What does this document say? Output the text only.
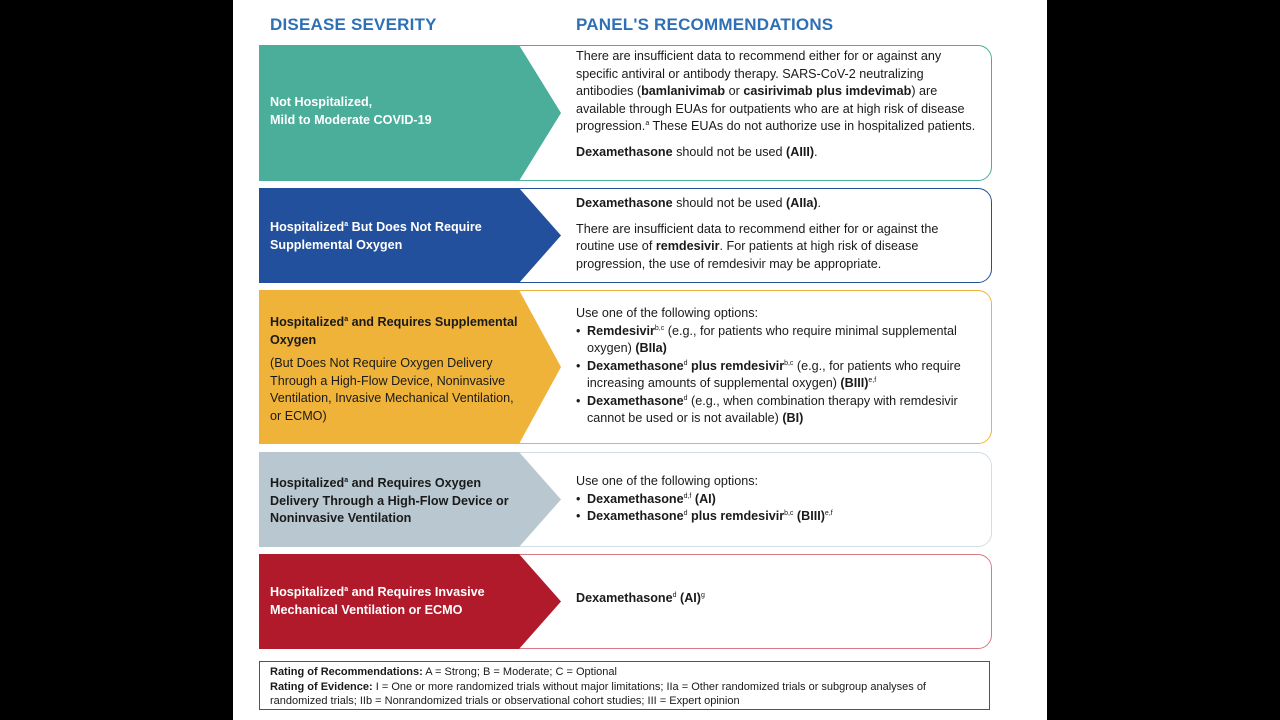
DISEASE SEVERITY	PANEL'S RECOMMENDATIONS
Not Hospitalized,
Mild to Moderate COVID-19

There are insufficient data to recommend either for or against any specific antiviral or antibody therapy. SARS-CoV-2 neutralizing antibodies (bamlanivimab or casirivimab plus imdevimab) are available through EUAs for outpatients who are at high risk of disease progression.$^a$ These EUAs do not authorize use in hospitalized patients.

Dexamethasone should not be used (AIII).

Hospitalized$^a$ But Does Not Require Supplemental Oxygen

Dexamethasone should not be used (AIIa).

There are insufficient data to recommend either for or against the routine use of remdesivir. For patients at high risk of disease progression, the use of remdesivir may be appropriate.

Hospitalized$^a$ and Requires Supplemental Oxygen
(But Does Not Require Oxygen Delivery Through a High-Flow Device, Noninvasive Ventilation, Invasive Mechanical Ventilation, or ECMO)

Use one of the following options:

• Remdesivir$^{b,c}$ (e.g., for patients who require minimal supplemental oxygen) (BIIa)
• Dexamethasone$^d$ plus remdesivir$^{b,c}$ (e.g., for patients who require increasing amounts of supplemental oxygen) (BIII)$^{e,f}$
• Dexamethasone$^d$ (e.g., when combination therapy with remdesivir cannot be used or is not available) (BI)
Hospitalized$^a$ and Requires Oxygen Delivery Through a High-Flow Device or Noninvasive Ventilation

Use one of the following options:

• Dexamethasone$^{d,f}$ (AI)
• Dexamethasone$^d$ plus remdesivir$^{b,c}$ (BIII)$^{e,f}$
Hospitalized$^a$ and Requires Invasive Mechanical Ventilation or ECMO

Dexamethasone$^d$ (AI)$^g$

Rating of Recommendations: A = Strong; B = Moderate; C = Optional
Rating of Evidence: I = One or more randomized trials without major limitations; IIa = Other randomized trials or subgroup analyses of randomized trials; IIb = Nonrandomized trials or observational cohort studies; III = Expert opinion
